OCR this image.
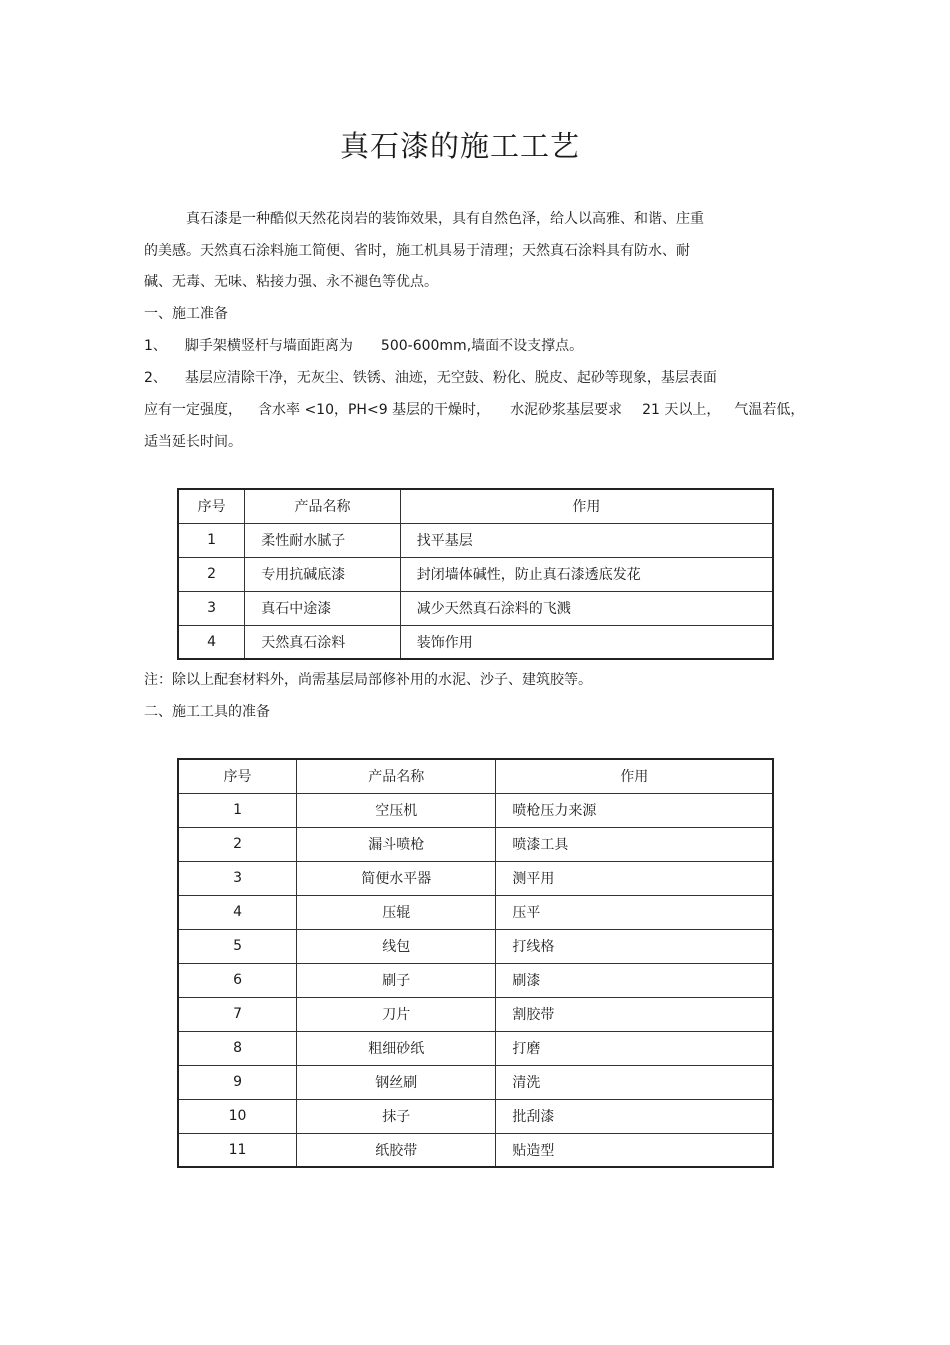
真石漆的施工工艺
真石漆是一种酷似天然花岗岩的装饰效果，具有自然色泽，给人以高雅、和谐、庄重
的美感。天然真石涂料施工简便、省时，施工机具易于清理；天然真石涂料具有防水、耐
碱、无毒、无味、粘接力强、永不褪色等优点。
一、施工准备
1、 脚手架横竖杆与墙面距离为 500-600mm,墙面不设支撑点。
2、 基层应清除干净，无灰尘、铁锈、油迹，无空鼓、粉化、脱皮、起砂等现象，基层表面
应有一定强度， 含水率 <10，PH<9 基层的干燥时， 水泥砂浆基层要求 21 天以上， 气温若低，
适当延长时间。
序号	产品名称	作用
1	柔性耐水腻子	找平基层
2	专用抗碱底漆	封闭墙体碱性，防止真石漆透底发花
3	真石中途漆	减少天然真石涂料的飞溅
4	天然真石涂料	装饰作用
注：除以上配套材料外，尚需基层局部修补用的水泥、沙子、建筑胶等。
二、施工工具的准备
序号	产品名称	作用
1	空压机	喷枪压力来源
2	漏斗喷枪	喷漆工具
3	简便水平器	测平用
4	压辊	压平
5	线包	打线格
6	刷子	刷漆
7	刀片	割胶带
8	粗细砂纸	打磨
9	钢丝刷	清洗
10	抹子	批刮漆
11	纸胶带	贴造型
